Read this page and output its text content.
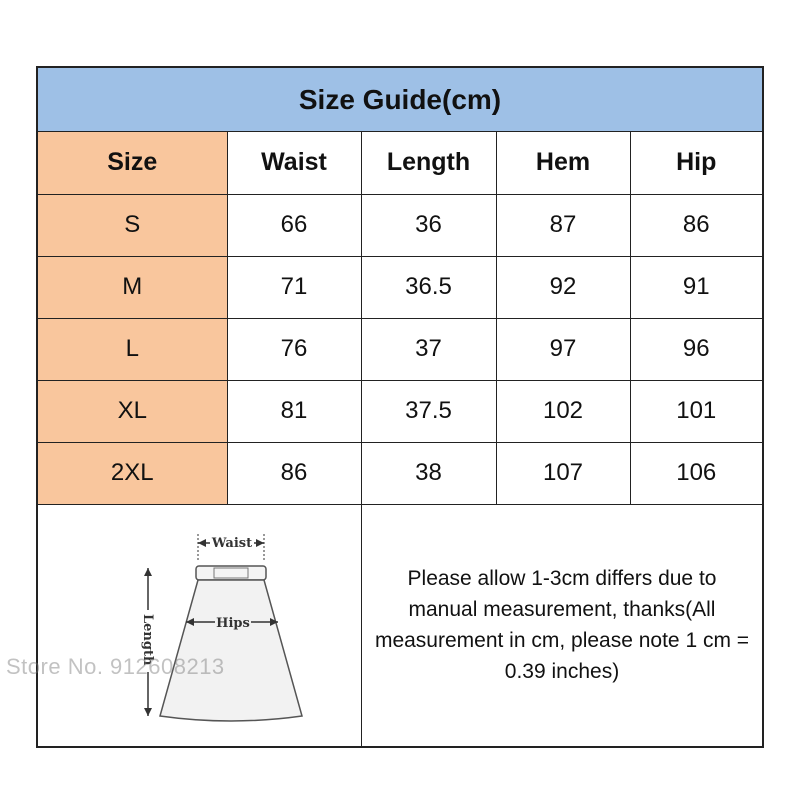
Size Guide(cm)
Size	Waist	Length	Hem	Hip
S	66	36	87	86
M	71	36.5	92	91
L	76	37	97	96
XL	81	37.5	102	101
2XL	86	38	107	106
Waist
Hips
Length
Please allow 1-3cm differs due to manual measurement, thanks(All measurement in cm, please note 1 cm = 0.39 inches)
Store No. 912608213
